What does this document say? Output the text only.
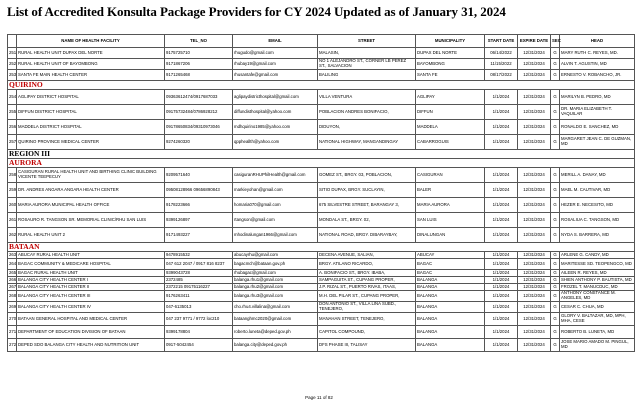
List of Accredited Konsulta Package Providers for CY 2024 Updated as of January 31, 2024
	NAME OF HEALTH FACILITY	TEL_NO	EMAIL	STREET	MUNICIPALITY	START DATE	EXPIRE DATE	SEC	HEAD
251	RURAL HEALTH UNIT DUPAX DEL NORTE	9175725710	rhugudo@gmail.com	MALASIN,	DUPAX DEL NORTE	06/14/2022	12/31/2024	G	MARY RUTH C. REYES, MD.
252	RURAL HEALTH UNIT OF BAYOMBONG	9171867206	rhubay19@gmail.com	NO 1 ALEJANDRO ST., CORNER LB PEREZ ST., SALVACION	BAYOMBONG	11/15/2022	12/31/2024	G	ALVIN T. AGUSTIN, MD
253	SANTA FE MAIN HEALTH CENTER	9171265468	rhusantafe@gmail.com	BALILING	SANTA FE	08/17/2022	12/31/2024	G	ERNESTO V. ROBANCHO, JR.
QUIRINO									
254	AGLIPAY DISTRICT HOSPITAL	09363612474/0917687033	aglipaydistricthospital@gmail.com	VILLA VENTURA	AGLIPAY	1/1/2024	12/31/2024	G	MARILYN B. PEDRO, MD
255	DIFFUN DISTRICT HOSPITAL	09175732484/0786928212	diffundisthospital@yahoo.com	POBLACION ANDRES BONIFACIO,	DIFFUN	1/1/2024	12/31/2024	G	DR. MARIA ELIZABETH T. VAQUILAR
256	MADDELA DISTRICT HOSPITAL	09178650834/09310973046	mdhquirino1985@yahoo.com	DIDUYON,	MADDELA	1/1/2024	12/31/2024	G	RONALDO E. SANCHEZ, MD
257	QUIRINO PROVINCE MEDICAL CENTER	9274260320	qppheallth@yahoo.com	NATIONAL HIGHWAY, MANGANDINGAY	CABARROGUIS	1/1/2024	12/31/2024	G	MARGARET JEAN C. DE GUZMAN, MD
REGION III									
AURORA									
258	CASIGURAN RURAL HEALTH UNIT AND BIRTHING CLINIC BUILDING VICENTE TEEPECUY	9209571640	casiguranRHUPhilHealth@gmail.com	GOMEZ ST., BRGY. 03, POBLACION,	CASIGURAN	1/1/2024	12/31/2024	G	MERILL A. DANAY, MD
259	DR. ANDRES ANGARA ANGARA HEALTH CENTER	09508128966 09656890843	markieyohan@gmail.com	SITIO DUPAX, BRGY. SUCLAYIN,	BALER	1/1/2024	12/31/2024	G	MAEL M. CAUTIVAR, MD
260	MARIA AURORA MUNICIPAL HEALTH OFFICE	9178223666	homaria070@gmail.com	675 SILVESTRE STREET, BARANGAY 3,	MARIA AURORA	1/1/2024	12/31/2024	G	HEZER E. NECESITO, MD
261	ROSAURO R. TANGSON SR. MEMORIAL CLINIC/RHU SAN LUIS	9399126897	rtangson@gmail.com	MONDALA ST., BRGY. 02,	SAN LUIS	1/1/2024	12/31/2024	G	ROSALIUA C. TANGSON, MD
262	RURAL HEALTH UNIT 2	9171493227	mhodinalungan1966@gmail.com	NATIONAL ROAD, BRGY. DIBARAYBAY,	DINALUNGAN	1/1/2024	12/31/2024	G	NYDA S. BARRERA, MD
BATAAN									
263	ABUCAY RURAL HEALTH UNIT	9478915532	abucayrhu@gmail.com	DECENA AVENUE, SALIAN,	ABUCAY	1/1/2024	12/31/2024	G	ARLENE G. CANDY, MD
264	BAGAC COMMUNITY & MEDICARE HOSPITAL	047 612 2047 / 0917 816 8237	bagacmch@bataan.gov.ph	BRGY. ATILANO RICARDO,	BAGAC	1/1/2024	12/31/2024	G	MARITESSE SD. TEOPENGCO, MD
265	BAGAC RURAL HEALTH UNIT	9399043728	rhubagac@gmail.com	A. BONIFACIO ST., BRGY. IBABA,	BAGAC	1/1/2024	12/31/2024	G	AILEEN R. REYES, MD
266	BALANGA CITY HEALTH CENTER I	2372485	balanga.rhu1@gmail.com	SAMPAGUITA ST., CUPANG PROPER,	BALANGA	1/1/2024	12/31/2024	G	SHIEN ANTHONY P. BAUTISTA, MD
267	BALANGA CITY HEALTH CENTER II	2372215 09175116227	balanga.rhu2@gmail.com	J.P. RIZAL ST., PUERTO RIVAS, ITAAS,	BALANGA	1/1/2024	12/31/2024	G	FROZEL T. MANUCDUC, MD
268	BALANGA CITY HEALTH CENTER III	9176263411	balanga.rhu3@gmail.com	M.H. DEL PILAR ST., CUPANG PROPER,	BALANGA	1/1/2024	12/31/2024	G	ANTHONY CONSTANCE M. ANGELES, MD
269	BALANGA CITY HEALTH CENTER IV	047-6135013	cho.rhu4.villalina@gmail.com	DON ANTONIO ST., VILLA LINA SUBD., TENEJERO,	BALANGA	1/1/2024	12/31/2024	G	CESAR C. CHUA, MD
270	BATAAN GENERAL HOSPITAL AND MEDICAL CENTER	047 237 9771 / 9772 loc210	bataanghmc2020@gmail.com	MANAHAN STREET, TENEJERO,	BALANGA	1/1/2024	12/31/2024	G	GLORY V. BALTAZAR, MD, MPH, MHA, CESE
271	DEPARTMENT OF EDUCATION DIVISION OF BATAAN	9399178804	roberto.luneta@deped.gov.ph	CAPITOL COMPOUND,	BALANGA	1/1/2024	12/31/2024	G	ROBERTO B. LUNETA, MD
272	DEPED SDO BALANGA CITY HEALTH AND NUTRITION UNIT	0917-5042454	balanga.city@deped.gov.ph	DFS PHASE III, TALISAY	BALANGA	1/1/2024	12/31/2024	G	JOSE MARIO AMADO M. PINGUL, MD
Page 11 of 82
